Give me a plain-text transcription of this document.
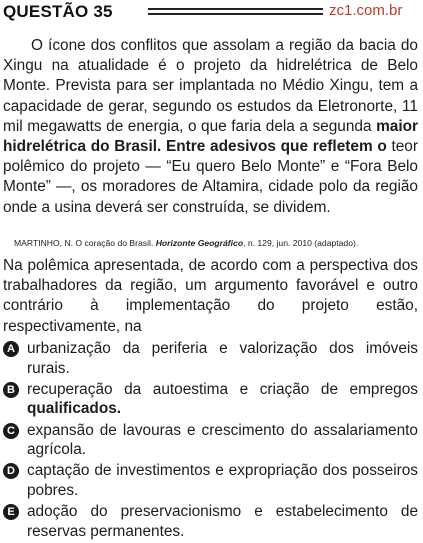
QUESTÃO 35	zc1.com.br
O ícone dos conflitos que assolam a região da bacia do Xingu na atualidade é o projeto da hidrelétrica de Belo Monte. Prevista para ser implantada no Médio Xingu, tem a capacidade de gerar, segundo os estudos da Eletronorte, 11 mil megawatts de energia, o que faria dela a segunda maior hidrelétrica do Brasil. Entre adesivos que refletem o teor polêmico do projeto — “Eu quero Belo Monte” e “Fora Belo Monte” —, os moradores de Altamira, cidade polo da região onde a usina deverá ser construída, se dividem.
MARTINHO, N. O coração do Brasil. Horizonte Geográfico, n. 129, jun. 2010 (adaptado).
Na polêmica apresentada, de acordo com a perspectiva dos trabalhadores da região, um argumento favorável e outro contrário à implementação do projeto estão, respectivamente, na
A urbanização da periferia e valorização dos imóveis rurais.
B recuperação da autoestima e criação de empregos qualificados.
C expansão de lavouras e crescimento do assalariamento agrícola.
D captação de investimentos e expropriação dos posseiros pobres.
E adoção do preservacionismo e estabelecimento de reservas permanentes.
